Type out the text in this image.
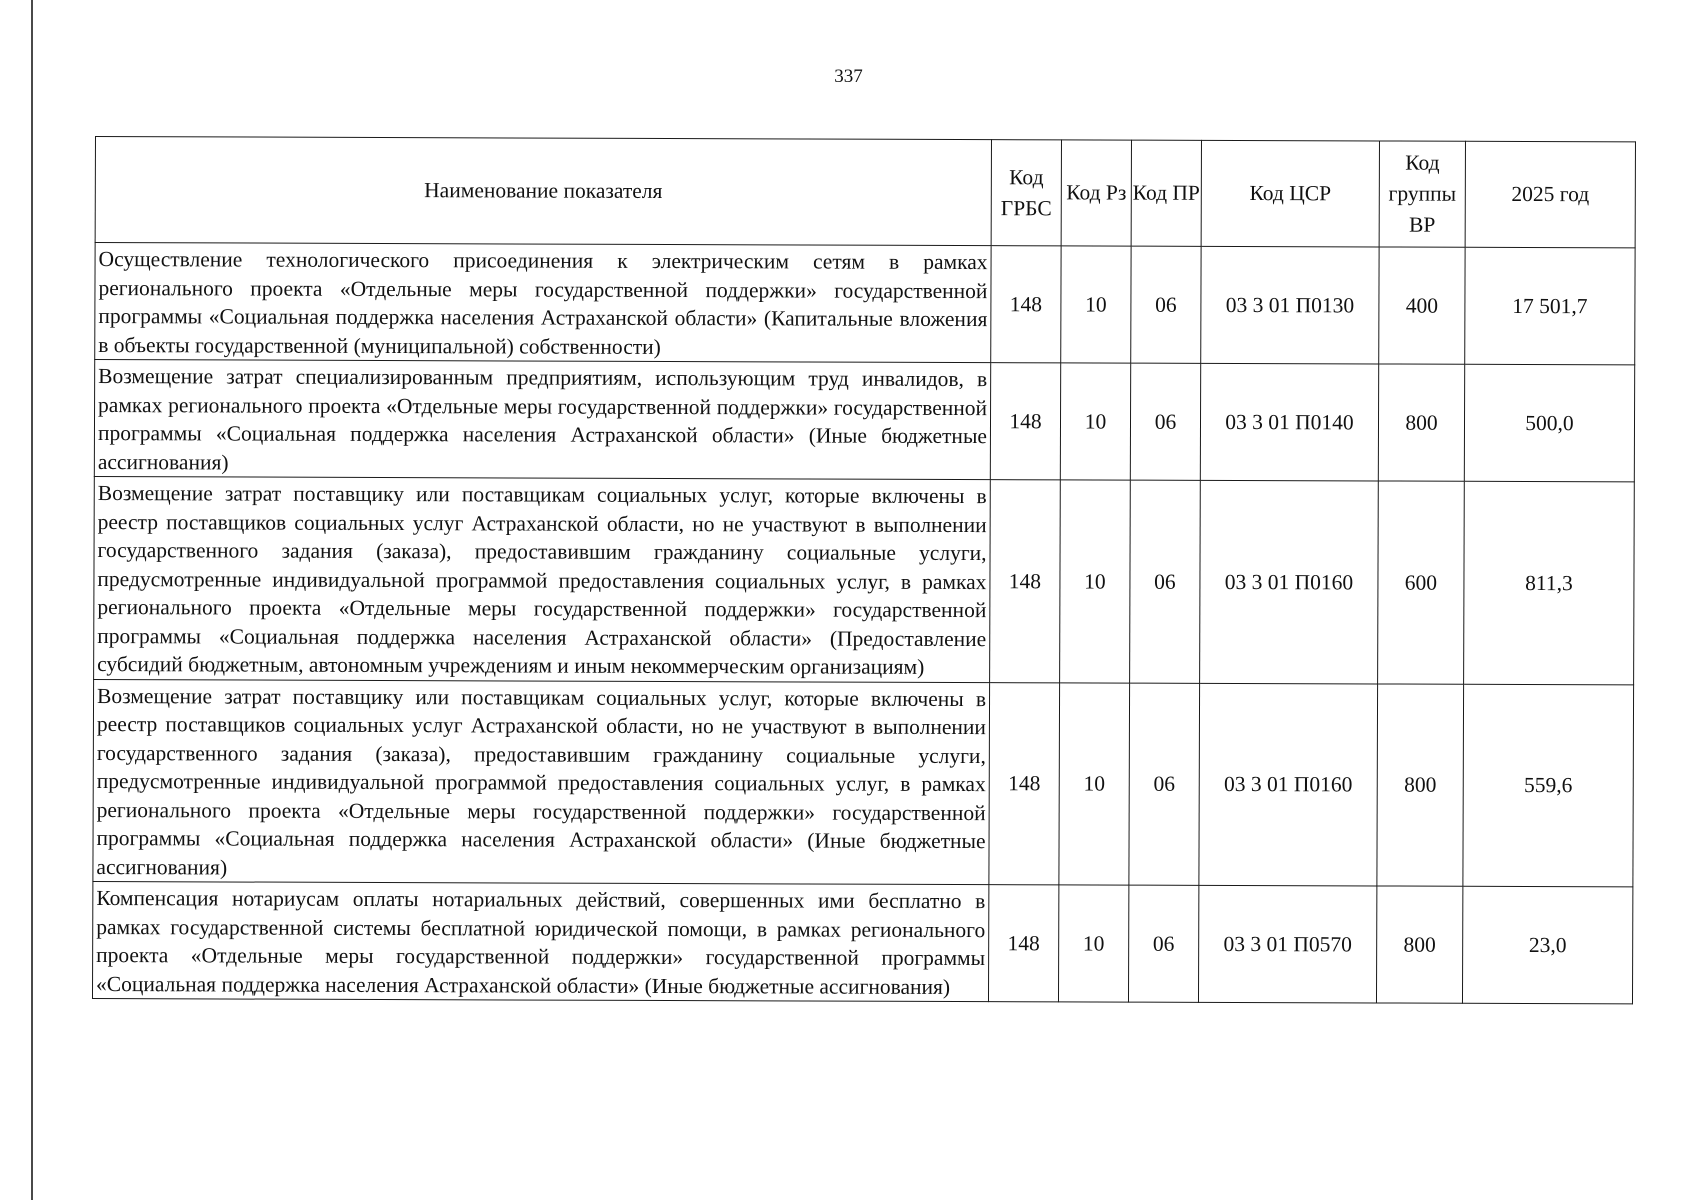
337
Наименование показателя	Код ГРБС	Код Рз	Код ПР	Код ЦСР	Код группы ВР	2025 год
Осуществление технологического присоединения к электрическим сетям в рамках регионального проекта «Отдельные меры государственной поддержки» государственной программы «Социальная поддержка населения Астраханской области» (Капитальные вложения в объекты государственной (муниципальной) собственности)	148	10	06	03 3 01 П0130	400	17 501,7
Возмещение затрат специализированным предприятиям, использующим труд инвалидов, в рамках регионального проекта «Отдельные меры государственной поддержки» государственной программы «Социальная поддержка населения Астраханской области» (Иные бюджетные ассигнования)	148	10	06	03 3 01 П0140	800	500,0
Возмещение затрат поставщику или поставщикам социальных услуг, которые включены в реестр поставщиков социальных услуг Астраханской области, но не участвуют в выполнении государственного задания (заказа), предоставившим гражданину социальные услуги, предусмотренные индивидуальной программой предоставления социальных услуг, в рамках регионального проекта «Отдельные меры государственной поддержки» государственной программы «Социальная поддержка населения Астраханской области» (Предоставление субсидий бюджетным, автономным учреждениям и иным некоммерческим организациям)	148	10	06	03 3 01 П0160	600	811,3
Возмещение затрат поставщику или поставщикам социальных услуг, которые включены в реестр поставщиков социальных услуг Астраханской области, но не участвуют в выполнении государственного задания (заказа), предоставившим гражданину социальные услуги, предусмотренные индивидуальной программой предоставления социальных услуг, в рамках регионального проекта «Отдельные меры государственной поддержки» государственной программы «Социальная поддержка населения Астраханской области» (Иные бюджетные ассигнования)	148	10	06	03 3 01 П0160	800	559,6
Компенсация нотариусам оплаты нотариальных действий, совершенных ими бесплатно в рамках государственной системы бесплатной юридической помощи, в рамках регионального проекта «Отдельные меры государственной поддержки» государственной программы «Социальная поддержка населения Астраханской области» (Иные бюджетные ассигнования)	148	10	06	03 3 01 П0570	800	23,0
